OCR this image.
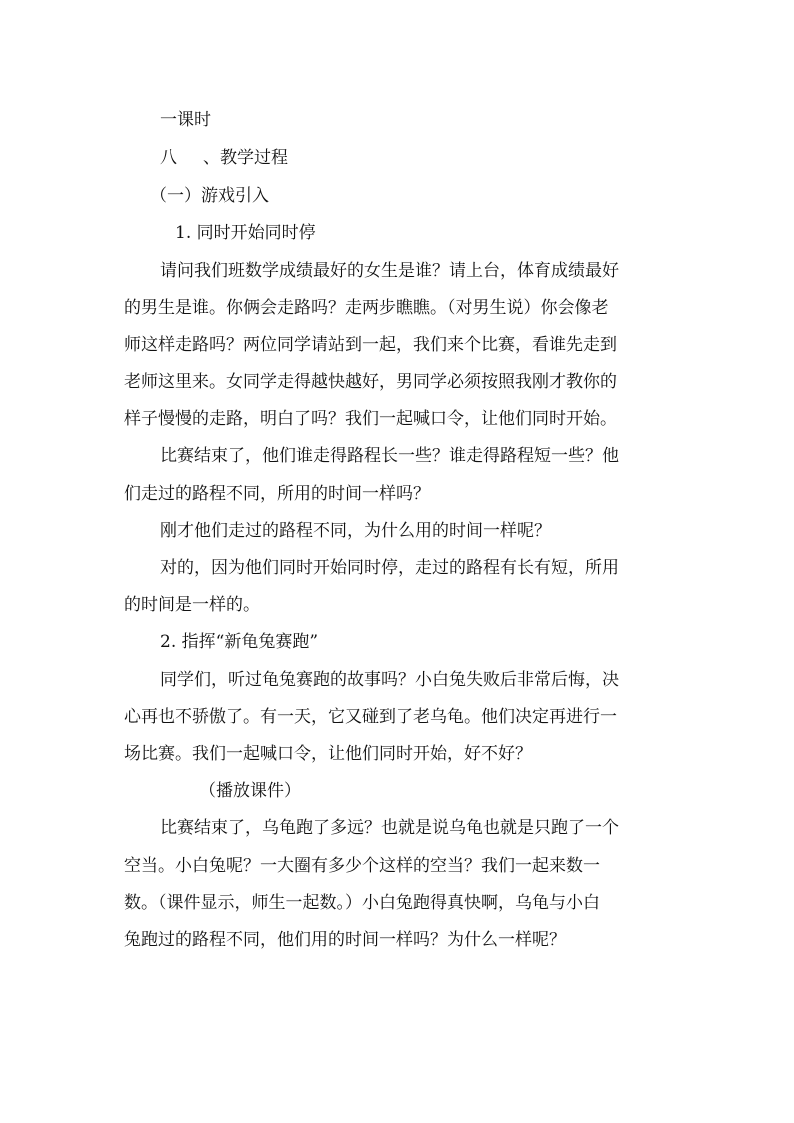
一课时

八 、教学过程

（一）游戏引入

1. 同时开始同时停

请问我们班数学成绩最好的女生是谁？请上台，体育成绩最好

的男生是谁。你俩会走路吗？走两步瞧瞧。（对男生说）你会像老

师这样走路吗？两位同学请站到一起，我们来个比赛，看谁先走到

老师这里来。女同学走得越快越好，男同学必须按照我刚才教你的

样子慢慢的走路，明白了吗？我们一起喊口令，让他们同时开始。

比赛结束了，他们谁走得路程长一些？谁走得路程短一些？他

们走过的路程不同，所用的时间一样吗？

刚才他们走过的路程不同，为什么用的时间一样呢？

对的，因为他们同时开始同时停，走过的路程有长有短，所用

的时间是一样的。

2. 指挥“新龟兔赛跑”

同学们，听过龟兔赛跑的故事吗？小白兔失败后非常后悔，决

心再也不骄傲了。有一天，它又碰到了老乌龟。他们决定再进行一

场比赛。我们一起喊口令，让他们同时开始，好不好？

（播放课件）

比赛结束了，乌龟跑了多远？也就是说乌龟也就是只跑了一个

空当。小白兔呢？一大圈有多少个这样的空当？我们一起来数一

数。（课件显示，师生一起数。）小白兔跑得真快啊，乌龟与小白

兔跑过的路程不同，他们用的时间一样吗？为什么一样呢？
